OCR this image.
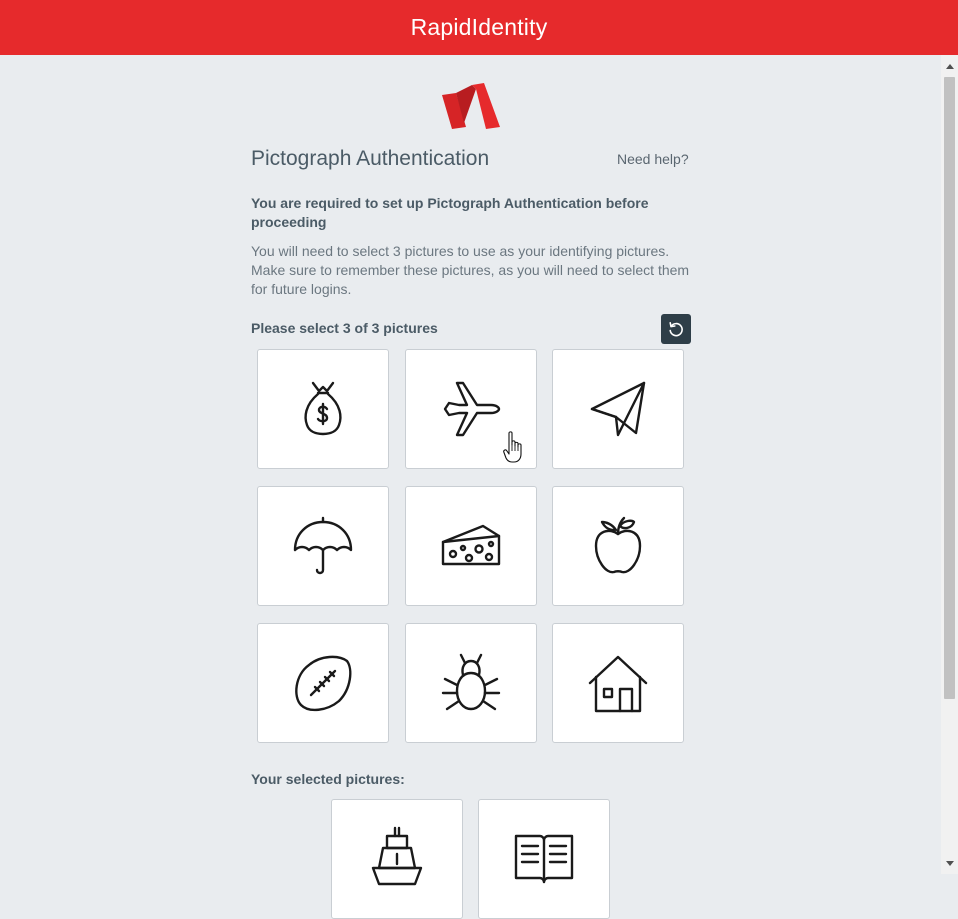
RapidIdentity
Pictograph Authentication	Need help?
You are required to set up Pictograph Authentication before proceeding
You will need to select 3 pictures to use as your identifying pictures. Make sure to remember these pictures, as you will need to select them for future logins.
Please select 3 of 3 pictures
Your selected pictures:
